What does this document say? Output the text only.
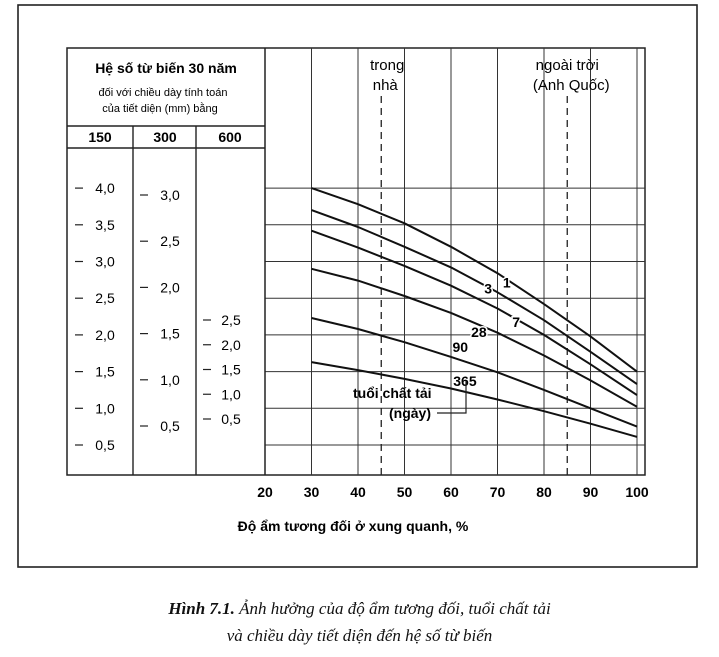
trong
nhà
ngoài trời
(Anh Quốc)
Hệ số từ biến 30 năm
đối với chiều dày tính toán
của tiết diện (mm) bằng
150	300	600
4,0
3,5
3,0
2,5
2,0
1,5
1,0
0,5
3,0
2,5
2,0
1,5
1,0
0,5
2,5
2,0
1,5
1,0
0,5
1
3
7
28
90
365
tuổi chất tải
(ngày)
20 30 40 50 60 70 80 90 100
Độ ẩm tương đối ở xung quanh, %
Hình 7.1. Ảnh hưởng của độ ẩm tương đối, tuổi chất tải
và chiều dày tiết diện đến hệ số từ biến
